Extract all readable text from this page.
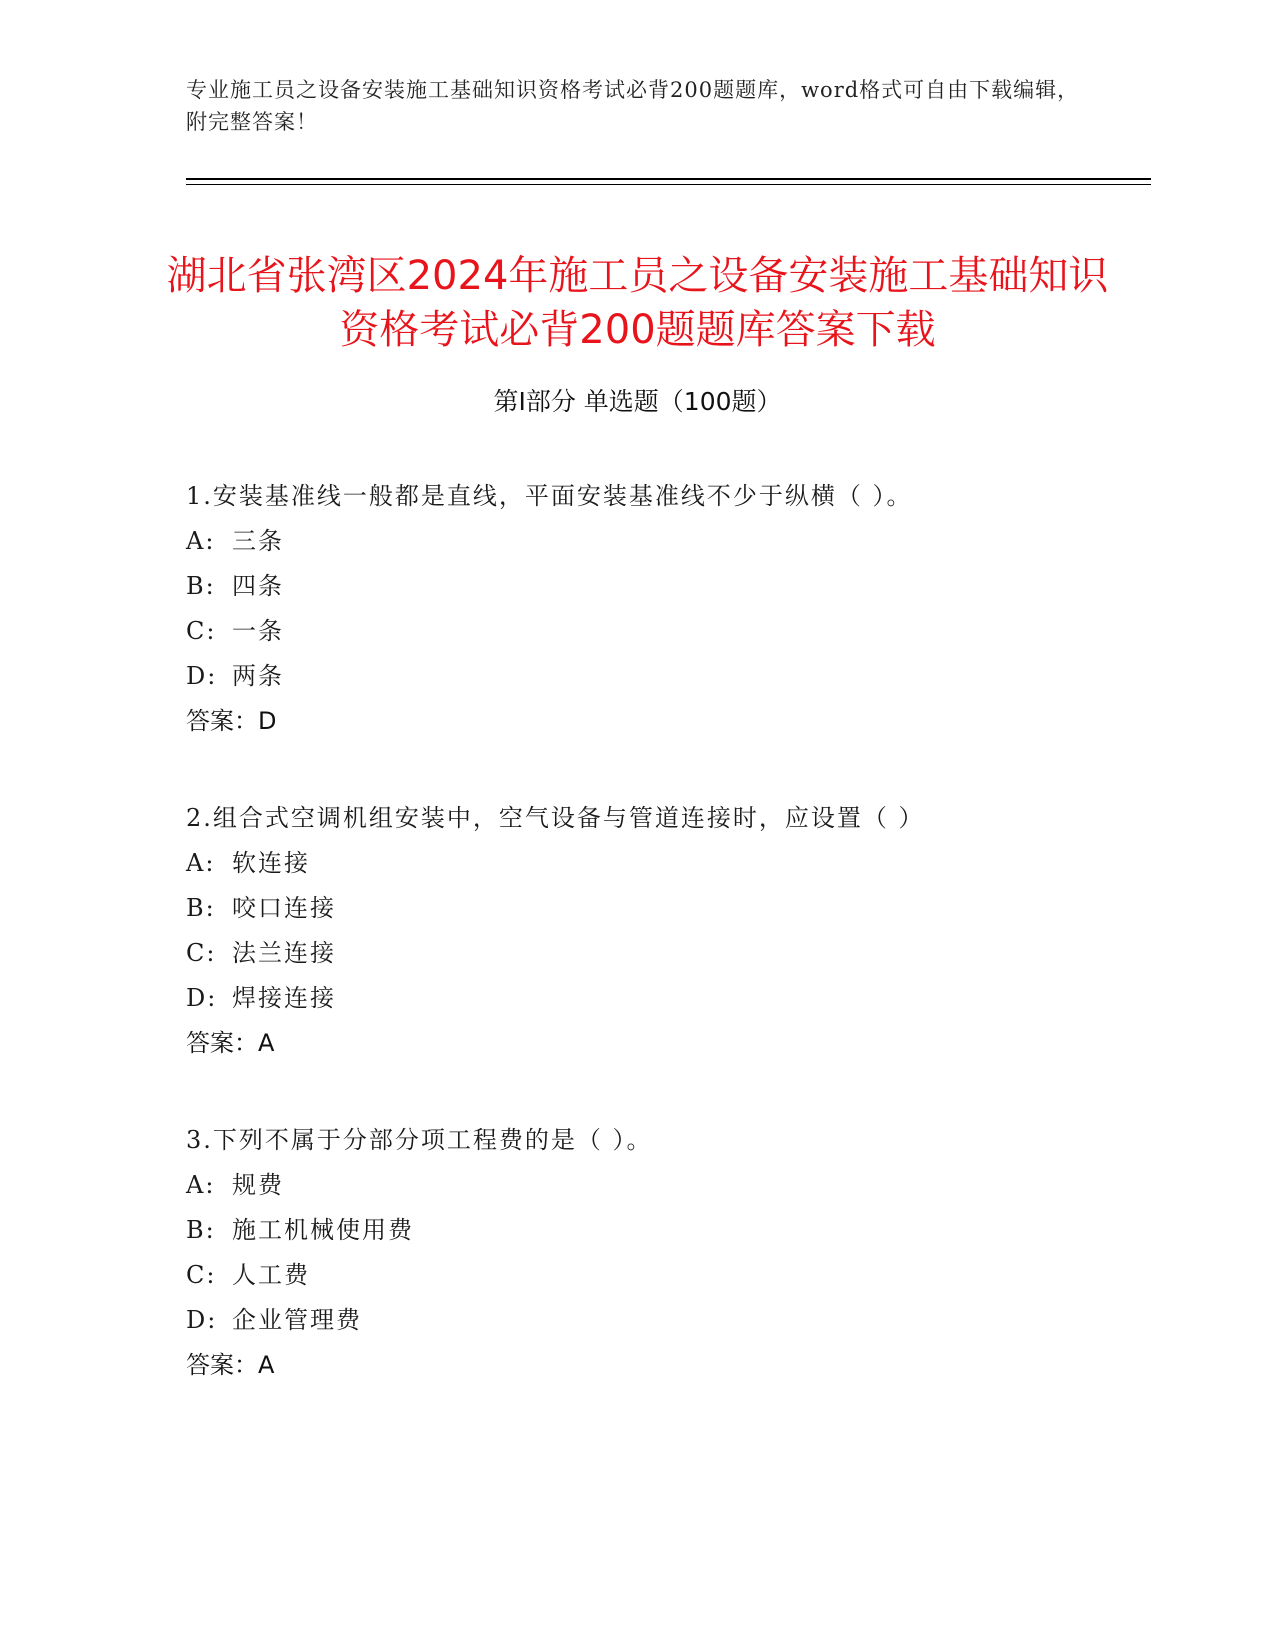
专业施工员之设备安装施工基础知识资格考试必背200题题库，word格式可自由下载编辑，附完整答案！
湖北省张湾区2024年施工员之设备安装施工基础知识资格考试必背200题题库答案下载
第Ⅰ部分 单选题（100题）
1.安装基准线一般都是直线，平面安装基准线不少于纵横（ ）。
A: 三条
B: 四条
C: 一条
D: 两条
答案：D
2.组合式空调机组安装中，空气设备与管道连接时，应设置（ ）
A: 软连接
B: 咬口连接
C: 法兰连接
D: 焊接连接
答案：A
3.下列不属于分部分项工程费的是（ ）。
A: 规费
B: 施工机械使用费
C: 人工费
D: 企业管理费
答案：A
